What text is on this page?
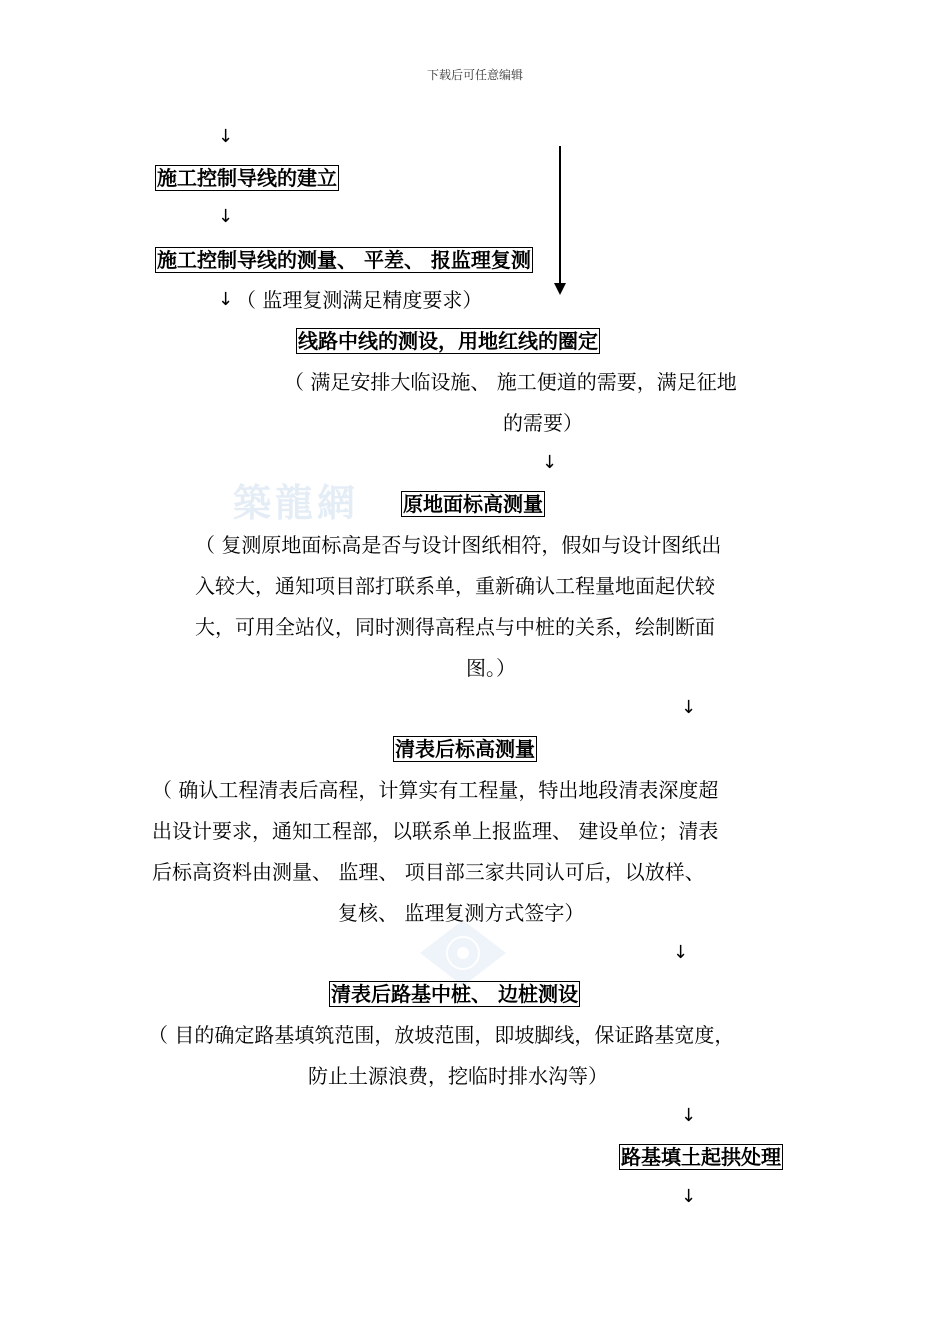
下载后可任意编辑
築龍網
↓
施工控制导线的建立
↓
施工控制导线的测量、 平差、 报监理复测
↓ （ 监理复测满足精度要求）
线路中线的测设，用地红线的圈定
（ 满足安排大临设施、 施工便道的需要，满足征地
的需要）
↓
原地面标高测量
（ 复测原地面标高是否与设计图纸相符，假如与设计图纸出
入较大，通知项目部打联系单，重新确认工程量地面起伏较
大，可用全站仪，同时测得高程点与中桩的关系，绘制断面
图。）
↓
清表后标高测量
（ 确认工程清表后高程，计算实有工程量，特出地段清表深度超
出设计要求，通知工程部，以联系单上报监理、 建设单位；清表
后标高资料由测量、 监理、 项目部三家共同认可后，以放样、
复核、 监理复测方式签字）
↓
清表后路基中桩、 边桩测设
（ 目的确定路基填筑范围，放坡范围，即坡脚线，保证路基宽度，
防止土源浪费，挖临时排水沟等）
↓
路基填土起拱处理
↓
